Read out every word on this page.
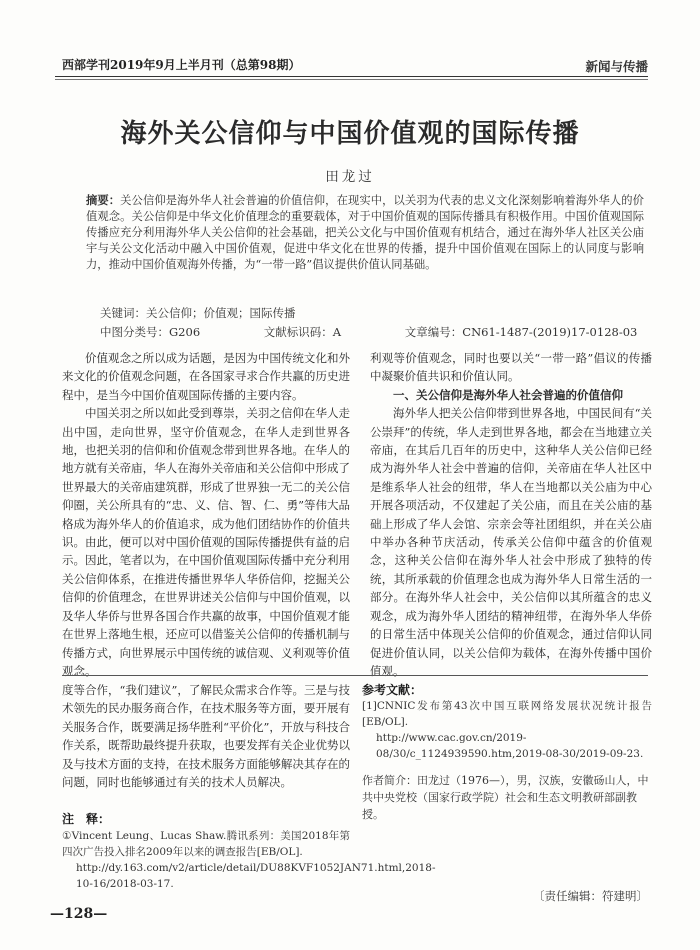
西部学刊2019年9月上半月刊（总第98期）	新闻与传播
海外关公信仰与中国价值观的国际传播
田龙过
摘要：关公信仰是海外华人社会普遍的价值信仰，在现实中，以关羽为代表的忠义文化深刻影响着海外华人的价值观念。关公信仰是中华文化价值理念的重要载体，对于中国价值观的国际传播具有积极作用。中国价值观国际传播应充分利用海外华人关公信仰的社会基础，把关公文化与中国价值观有机结合，通过在海外华人社区关公庙宇与关公文化活动中融入中国价值观，促进中华文化在世界的传播，提升中国价值观在国际上的认同度与影响力，推动中国价值观海外传播，为“一带一路”倡议提供价值认同基础。
关键词：关公信仰；价值观；国际传播
中图分类号：G206	文献标识码：A	文章编号：CN61-1487-(2019)17-0128-03

价值观念之所以成为话题，是因为中国传统文化和外来文化的价值观念问题，在各国家寻求合作共赢的历史进程中，是当今中国价值观国际传播的主要内容。

中国关羽之所以如此受到尊崇，关羽之信仰在华人走出中国，走向世界，坚守价值观念，在华人走到世界各地，也把关羽的信仰和价值观念带到世界各地。在华人的地方就有关帝庙，华人在海外关帝庙和关公信仰中形成了世界最大的关帝庙建筑群，形成了世界独一无二的关公信仰圈，关公所具有的“忠、义、信、智、仁、勇”等伟大品格成为海外华人的价值追求，成为他们团结协作的价值共识。由此，便可以对中国价值观的国际传播提供有益的启示。因此，笔者以为，在中国价值观国际传播中充分利用关公信仰体系，在推进传播世界华人华侨信仰，挖掘关公信仰的价值理念，在世界讲述关公信仰与中国价值观，以及华人华侨与世界各国合作共赢的故事，中国价值观才能在世界上落地生根，还应可以借鉴关公信仰的传播机制与传播方式，向世界展示中国传统的诚信观、义利观等价值观念。

利观等价值观念，同时也要以关“一带一路”倡议的传播中凝聚价值共识和价值认同。

一、关公信仰是海外华人社会普遍的价值信仰

海外华人把关公信仰带到世界各地，中国民间有“关公崇拜”的传统，华人走到世界各地，都会在当地建立关帝庙，在其后几百年的历史中，这种华人关公信仰已经成为海外华人社会中普遍的信仰，关帝庙在华人社区中是维系华人社会的纽带，华人在当地都以关公庙为中心开展各项活动，不仅建起了关公庙，而且在关公庙的基础上形成了华人会馆、宗亲会等社团组织，并在关公庙中举办各种节庆活动，传承关公信仰中蕴含的价值观念，这种关公信仰在海外华人社会中形成了独特的传统，其所承载的价值理念也成为海外华人日常生活的一部分。在海外华人社会中，关公信仰以其所蕴含的忠义观念，成为海外华人团结的精神纽带，在海外华人华侨的日常生活中体现关公信仰的价值观念，通过信仰认同促进价值认同，以关公信仰为载体，在海外传播中国价值观。

度等合作，“我们建议”，了解民众需求合作等。三是与技术领先的民办服务商合作，在技术服务等方面，要开展有关服务合作，既要满足扬华胜利“平价化”，开放与科技合作关系，既帮助最终提升获取，也要发挥有关企业优势以及与技术方面的支持，在技术服务方面能够解决其存在的问题，同时也能够通过有关的技术人员解决。

参考文献：
[1]CNNIC发布第43次中国互联网络发展状况统计报告[EB/OL].
http://www.cac.gov.cn/2019-08/30/c_1124939590.htm,2019-08-30/2019-09-23.
作者简介：田龙过（1976—），男，汉族，安徽砀山人，中共中央党校（国家行政学院）社会和生态文明教研部副教授。
注　释：
①Vincent Leung、Lucas Shaw.腾讯系列：美国2018年第四次广告投入排名2009年以来的调查报告[EB/OL].
http://dy.163.com/v2/article/detail/DU88KVF1052JAN71.html,2018-10-16/2018-03-17.
〔责任编辑：符建明〕
—128—
